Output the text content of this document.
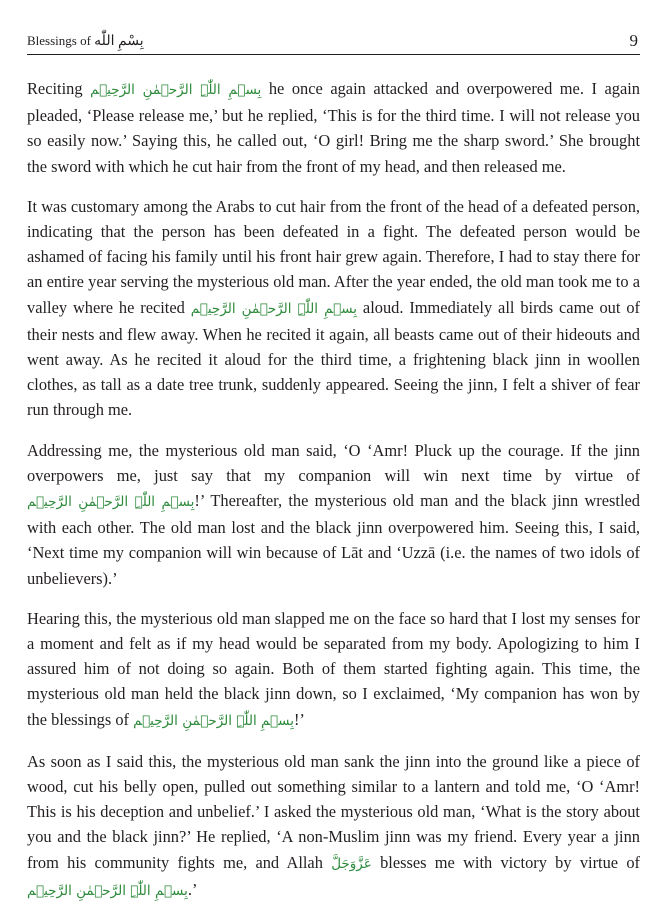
Blessings of بِسْمِ اللّٰه	9

Reciting بِسۡمِ اللّٰہِ الرَّحۡمٰنِ الرَّحِیۡم he once again attacked and overpowered me. I again pleaded, ‘Please release me,’ but he replied, ‘This is for the third time. I will not release you so easily now.’ Saying this, he called out, ‘O girl! Bring me the sharp sword.’ She brought the sword with which he cut hair from the front of my head, and then released me.

It was customary among the Arabs to cut hair from the front of the head of a defeated person, indicating that the person has been defeated in a fight. The defeated person would be ashamed of facing his family until his front hair grew again. Therefore, I had to stay there for an entire year serving the mysterious old man. After the year ended, the old man took me to a valley where he recited بِسۡمِ اللّٰہِ الرَّحۡمٰنِ الرَّحِیۡم aloud. Immediately all birds came out of their nests and flew away. When he recited it again, all beasts came out of their hideouts and went away. As he recited it aloud for the third time, a frightening black jinn in woollen clothes, as tall as a date tree trunk, suddenly appeared. Seeing the jinn, I felt a shiver of fear run through me.

Addressing me, the mysterious old man said, ‘O ‘Amr! Pluck up the courage. If the jinn overpowers me, just say that my companion will win next time by virtue of بِسۡمِ اللّٰہِ الرَّحۡمٰنِ الرَّحِیۡم!’ Thereafter, the mysterious old man and the black jinn wrestled with each other. The old man lost and the black jinn overpowered him. Seeing this, I said, ‘Next time my companion will win because of Lāt and ‘Uzzā (i.e. the names of two idols of unbelievers).’

Hearing this, the mysterious old man slapped me on the face so hard that I lost my senses for a moment and felt as if my head would be separated from my body. Apologizing to him I assured him of not doing so again. Both of them started fighting again. This time, the mysterious old man held the black jinn down, so I exclaimed, ‘My companion has won by the blessings of بِسۡمِ اللّٰہِ الرَّحۡمٰنِ الرَّحِیۡم!’

As soon as I said this, the mysterious old man sank the jinn into the ground like a piece of wood, cut his belly open, pulled out something similar to a lantern and told me, ‘O ‘Amr! This is his deception and unbelief.’ I asked the mysterious old man, ‘What is the story about you and the black jinn?’ He replied, ‘A non-Muslim jinn was my friend. Every year a jinn from his community fights me, and Allah عَزَّوَجَلَّ blesses me with victory by virtue of بِسۡمِ اللّٰہِ الرَّحۡمٰنِ الرَّحِیۡم.’
